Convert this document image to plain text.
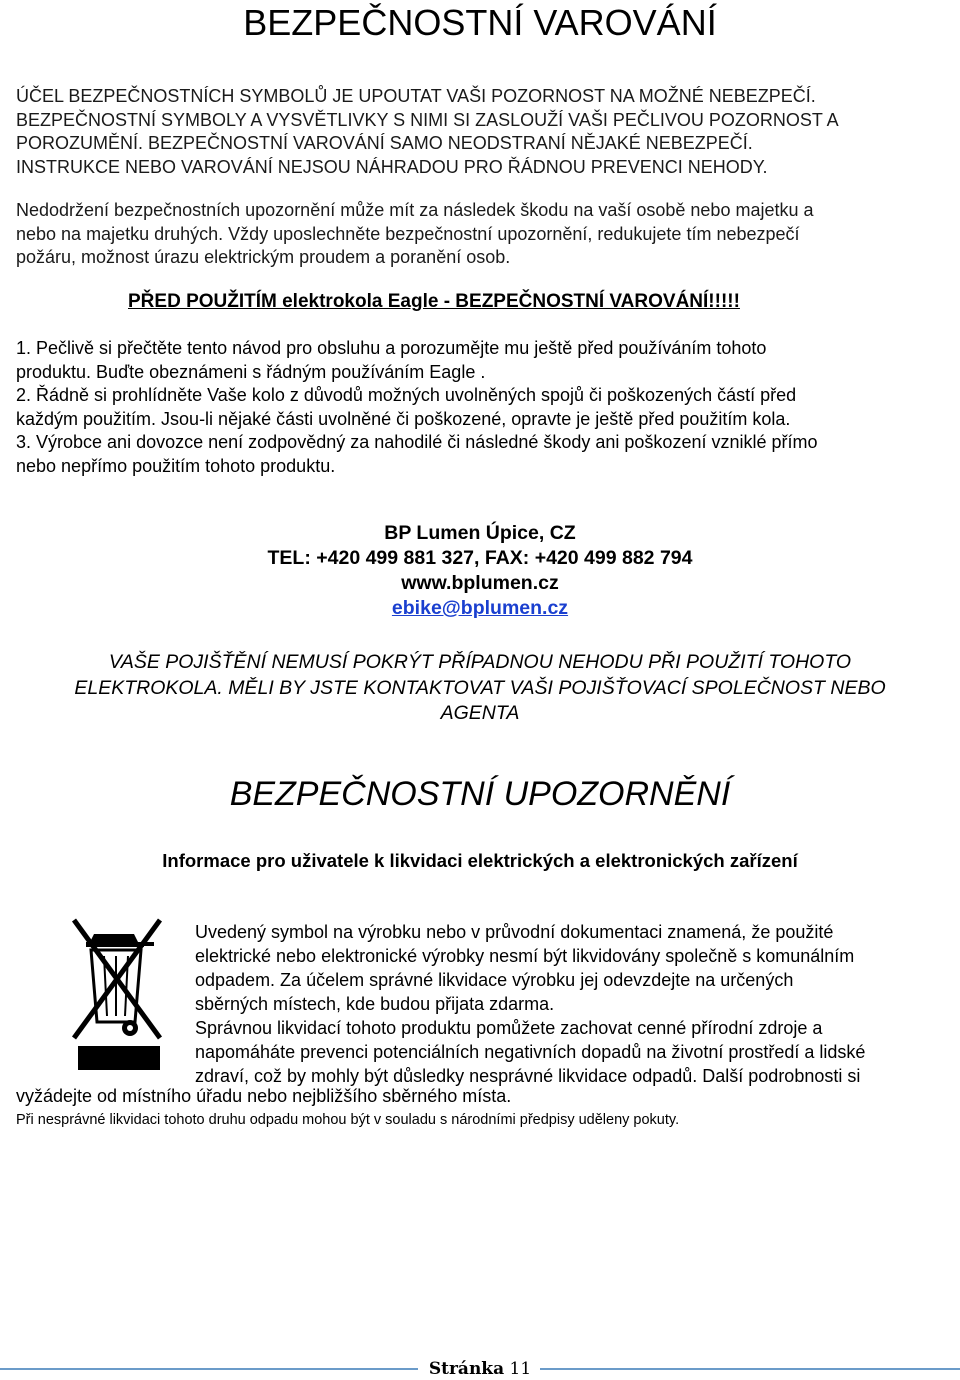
BEZPEČNOSTNÍ VAROVÁNÍ
ÚČEL BEZPEČNOSTNÍCH SYMBOLŮ JE UPOUTAT VAŠI POZORNOST NA MOŽNÉ NEBEZPEČÍ.
BEZPEČNOSTNÍ SYMBOLY A VYSVĚTLIVKY S NIMI SI ZASLOUŽÍ VAŠI PEČLIVOU POZORNOST A
POROZUMĚNÍ. BEZPEČNOSTNÍ VAROVÁNÍ SAMO NEODSTRANÍ NĚJAKÉ NEBEZPEČÍ.
INSTRUKCE NEBO VAROVÁNÍ NEJSOU NÁHRADOU PRO ŘÁDNOU PREVENCI NEHODY.
Nedodržení bezpečnostních upozornění může mít za následek škodu na vaší osobě nebo majetku a
nebo na majetku druhých. Vždy uposlechněte bezpečnostní upozornění, redukujete tím nebezpečí
požáru, možnost úrazu elektrickým proudem a poranění osob.
PŘED POUŽITÍM elektrokola Eagle - BEZPEČNOSTNÍ VAROVÁNÍ!!!!!
1. Pečlivě si přečtěte tento návod pro obsluhu a porozumějte mu ještě před používáním tohoto
produktu. Buďte obeznámeni s řádným používáním Eagle .
2. Řádně si prohlídněte Vaše kolo z důvodů možných uvolněných spojů či poškozených částí před
každým použitím. Jsou-li nějaké části uvolněné či poškozené, opravte je ještě před použitím kola.
3. Výrobce ani dovozce není zodpovědný za nahodilé či následné škody ani poškození vzniklé přímo
nebo nepřímo použitím tohoto produktu.
BP Lumen Úpice, CZ
TEL: +420 499 881 327, FAX: +420 499 882 794
www.bplumen.cz
ebike@bplumen.cz
VAŠE POJIŠŤĚNÍ NEMUSÍ POKRÝT PŘÍPADNOU NEHODU PŘI POUŽITÍ TOHOTO
ELEKTROKOLA. MĚLI BY JSTE KONTAKTOVAT VAŠI POJIŠŤOVACÍ SPOLEČNOST NEBO
AGENTA
BEZPEČNOSTNÍ UPOZORNĚNÍ
Informace pro uživatele k likvidaci elektrických a elektronických zařízení
Uvedený symbol na výrobku nebo v průvodní dokumentaci znamená, že použité
elektrické nebo elektronické výrobky nesmí být likvidovány společně s komunálním
odpadem. Za účelem správné likvidace výrobku jej odevzdejte na určených
sběrných místech, kde budou přijata zdarma.
Správnou likvidací tohoto produktu pomůžete zachovat cenné přírodní zdroje a
napomáháte prevenci potenciálních negativních dopadů na životní prostředí a lidské
zdraví, což by mohly být důsledky nesprávné likvidace odpadů. Další podrobnosti si
vyžádejte od místního úřadu nebo nejbližšího sběrného místa.
Při nesprávné likvidaci tohoto druhu odpadu mohou být v souladu s národními předpisy uděleny pokuty.
Stránka 11
